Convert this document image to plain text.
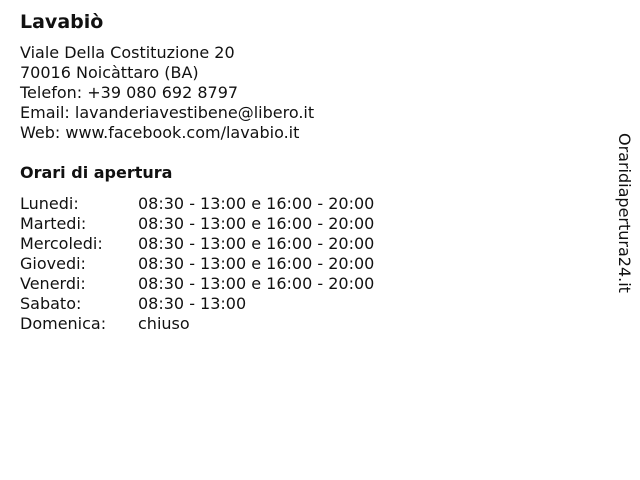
Lavabiò
Viale Della Costituzione 20
70016 Noicàttaro (BA)
Telefon: +39 080 692 8797
Email: lavanderiavestibene@libero.it
Web: www.facebook.com/lavabio.it
Orari di apertura
Lunedi:	08:30 - 13:00 e 16:00 - 20:00
Martedi:	08:30 - 13:00 e 16:00 - 20:00
Mercoledi:	08:30 - 13:00 e 16:00 - 20:00
Giovedi:	08:30 - 13:00 e 16:00 - 20:00
Venerdi:	08:30 - 13:00 e 16:00 - 20:00
Sabato:	08:30 - 13:00
Domenica:	chiuso
Oraridiapertura24.it
